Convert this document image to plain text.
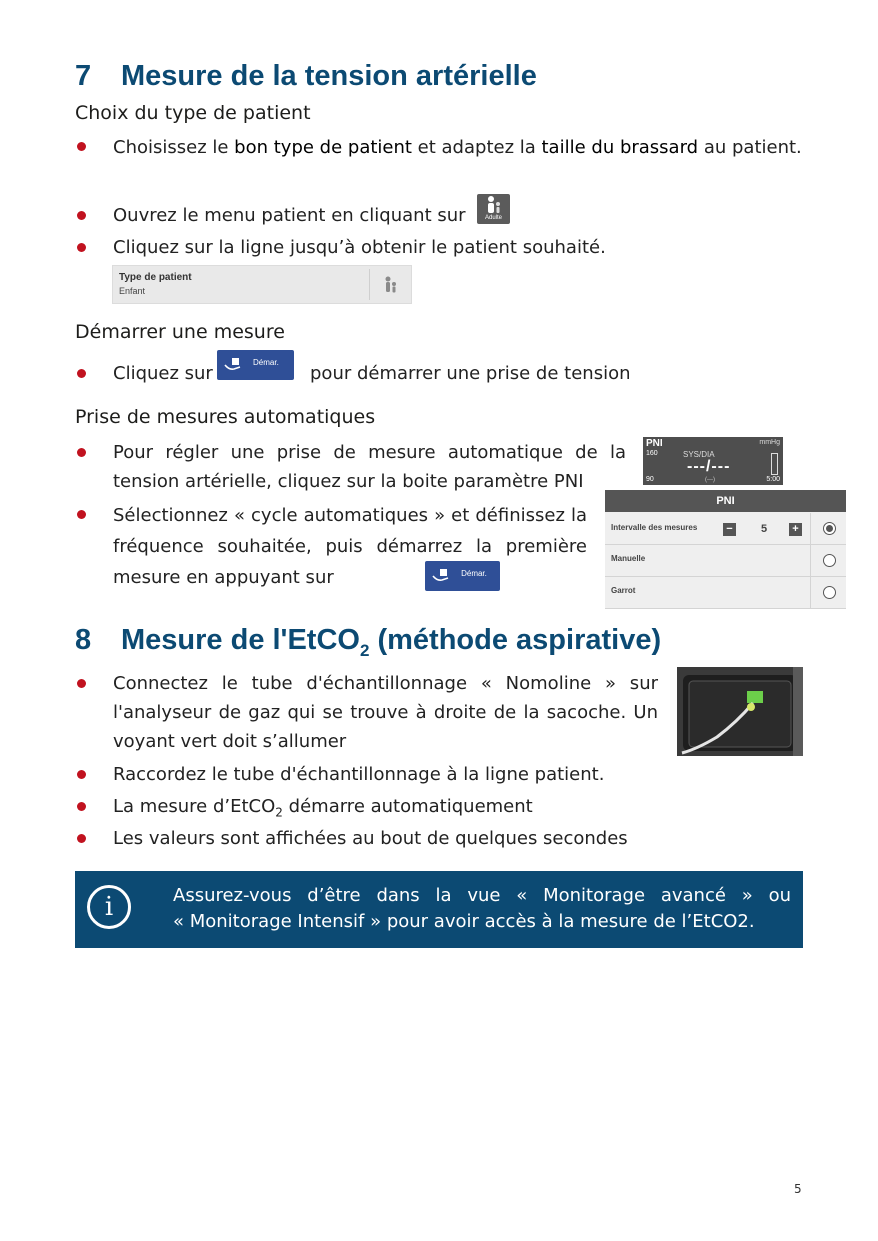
7 Mesure de la tension artérielle
Choix du type de patient
Choisissez le bon type de patient et adaptez la taille du brassard au patient.
Ouvrez le menu patient en cliquant sur	Adulte
Cliquez sur la ligne jusqu’à obtenir le patient souhaité.
Type de patient
Enfant
Démarrer une mesure
Cliquez sur
Démar.

pour démarrer une prise de tension
Prise de mesures automatiques
Pour régler une prise de mesure automatique de la tension artérielle, cliquez sur la boite paramètre PNI
Sélectionnez « cycle automatiques » et définissez la fréquence souhaitée, puis démarrez la première mesure en appuyant sur	Démar.
PNI	mmHg
160	SYS/DIA
---/---
90	(---)	5:00
PNI
Intervalle des mesures	−	5 +
Manuelle
Garrot
8 Mesure de l'EtCO$_2$ (méthode aspirative)
Connectez le tube d'échantillonnage « Nomoline » sur l'analyseur de gaz qui se trouve à droite de la sacoche. Un voyant vert doit s’allumer
Raccordez le tube d'échantillonnage à la ligne patient.
La mesure d’EtCO$_2$ démarre automatiquement
Les valeurs sont affichées au bout de quelques secondes
i	Assurez-vous d’être dans la vue « Monitorage avancé » ou
« Monitorage Intensif » pour avoir accès à la mesure de l’EtCO2.
5
